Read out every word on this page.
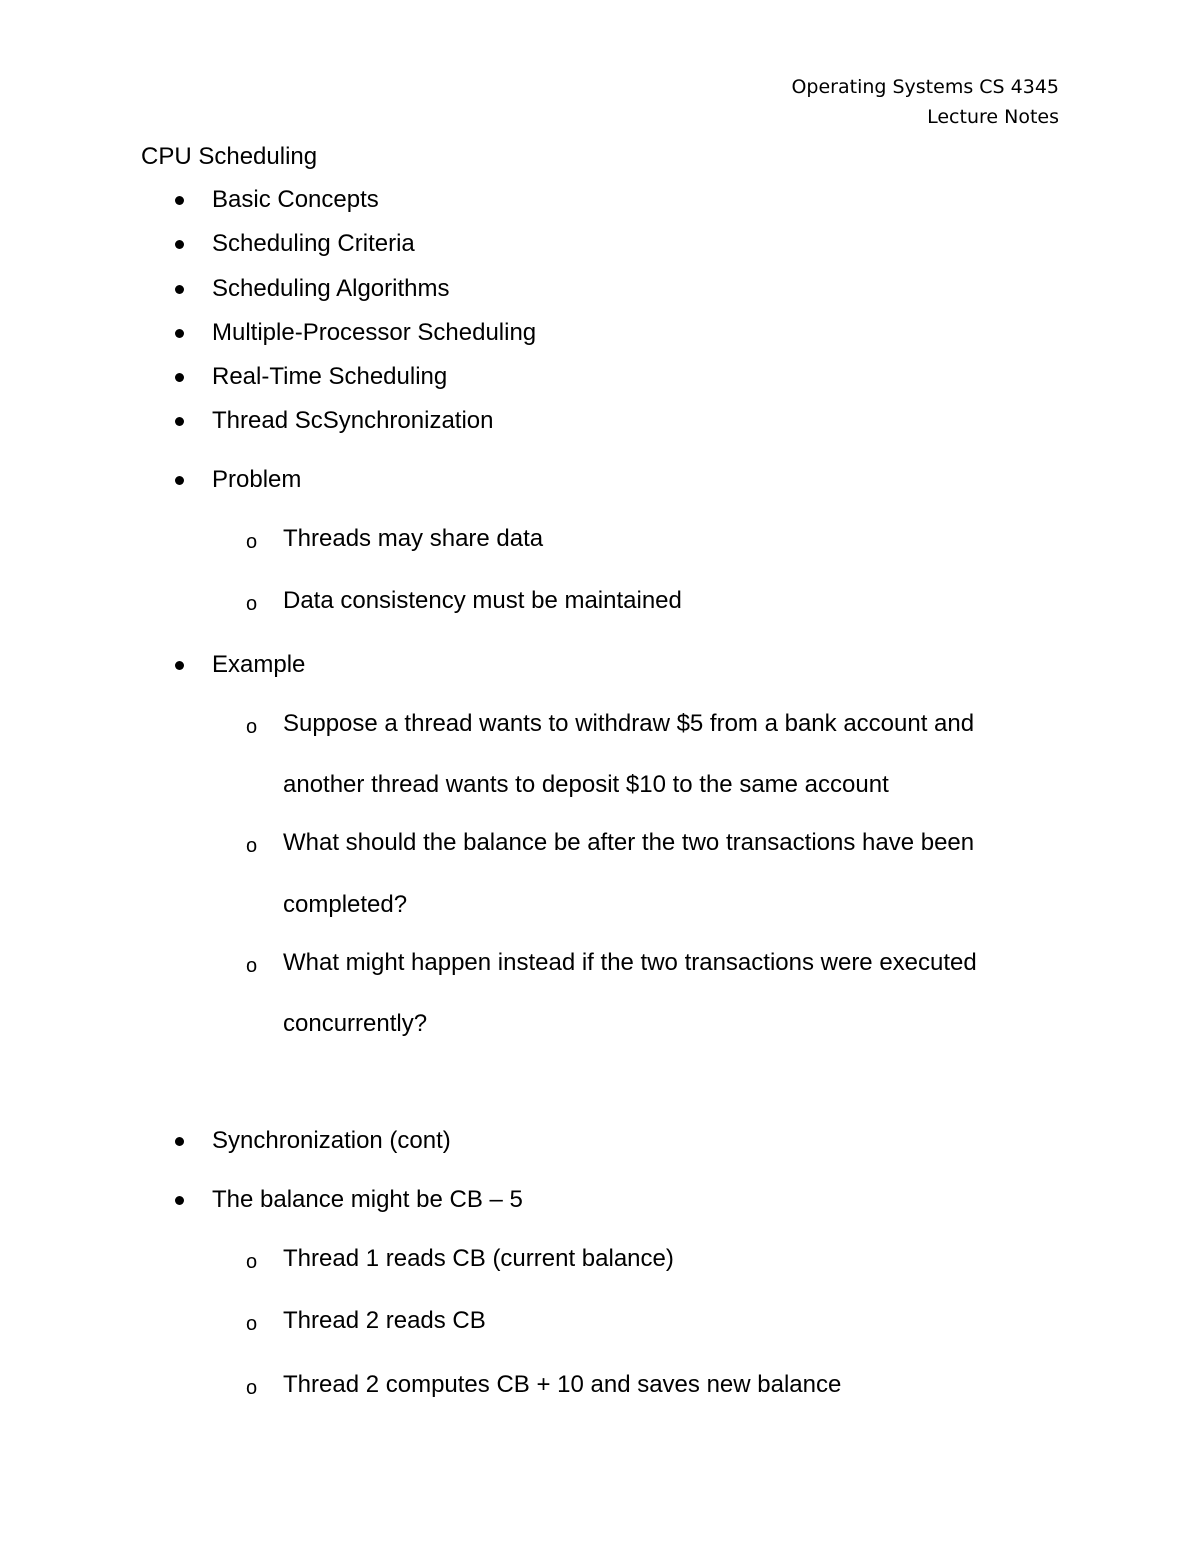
Operating Systems CS 4345
Lecture Notes
CPU Scheduling
Basic Concepts
Scheduling Criteria
Scheduling Algorithms
Multiple-Processor Scheduling
Real-Time Scheduling
Thread ScSynchronization
Problem
o Threads may share data
o Data consistency must be maintained
Example
o Suppose a thread wants to withdraw $5 from a bank account and
another thread wants to deposit $10 to the same account
o What should the balance be after the two transactions have been
completed?
o What might happen instead if the two transactions were executed
concurrently?
Synchronization (cont)
The balance might be CB – 5
o Thread 1 reads CB (current balance)
o Thread 2 reads CB
o Thread 2 computes CB + 10 and saves new balance
